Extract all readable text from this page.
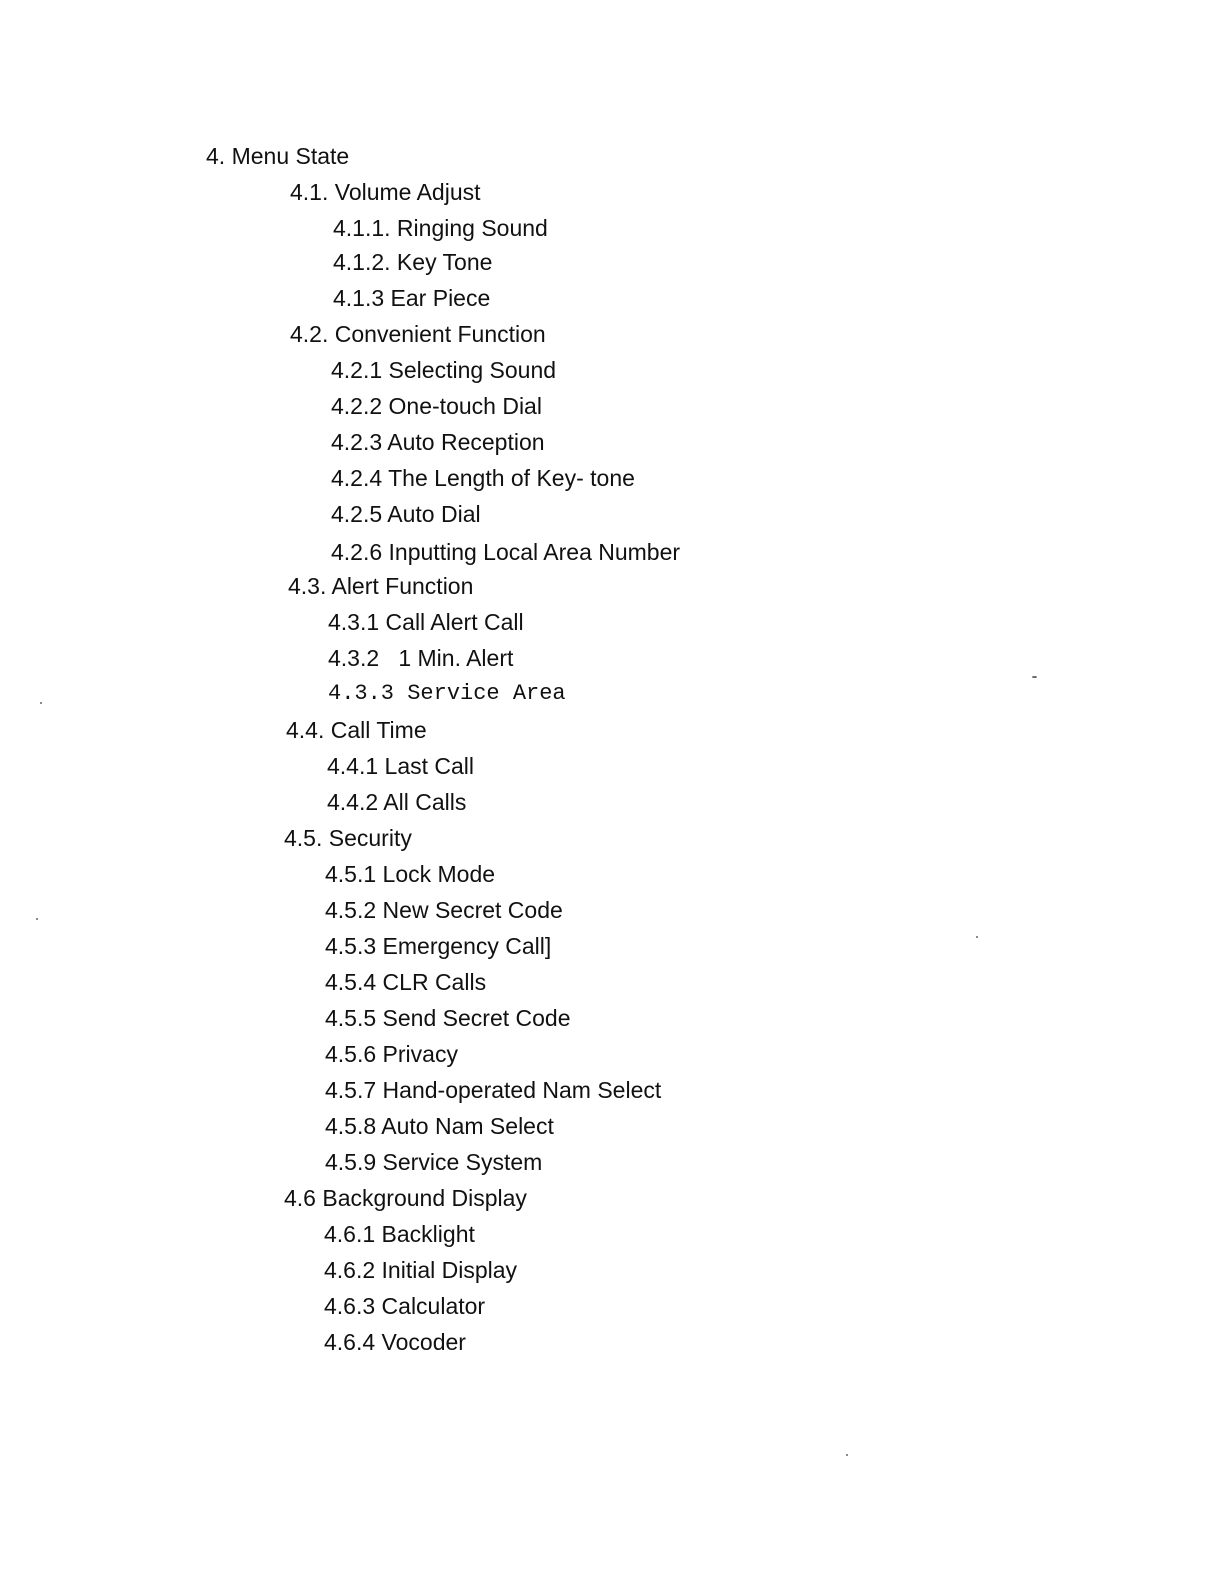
4. Menu State
4.1. Volume Adjust
4.1.1. Ringing Sound
4.1.2. Key Tone
4.1.3 Ear Piece
4.2. Convenient Function
4.2.1 Selecting Sound
4.2.2 One-touch Dial
4.2.3 Auto Reception
4.2.4 The Length of Key- tone
4.2.5 Auto Dial
4.2.6 Inputting Local Area Number
4.3. Alert Function
4.3.1 Call Alert Call
4.3.2   1 Min. Alert
4.3.3 Service Area
4.4. Call Time
4.4.1 Last Call
4.4.2 All Calls
4.5. Security
4.5.1 Lock Mode
4.5.2 New Secret Code
4.5.3 Emergency Call]
4.5.4 CLR Calls
4.5.5 Send Secret Code
4.5.6 Privacy
4.5.7 Hand-operated Nam Select
4.5.8 Auto Nam Select
4.5.9 Service System
4.6 Background Display
4.6.1 Backlight
4.6.2 Initial Display
4.6.3 Calculator
4.6.4 Vocoder
